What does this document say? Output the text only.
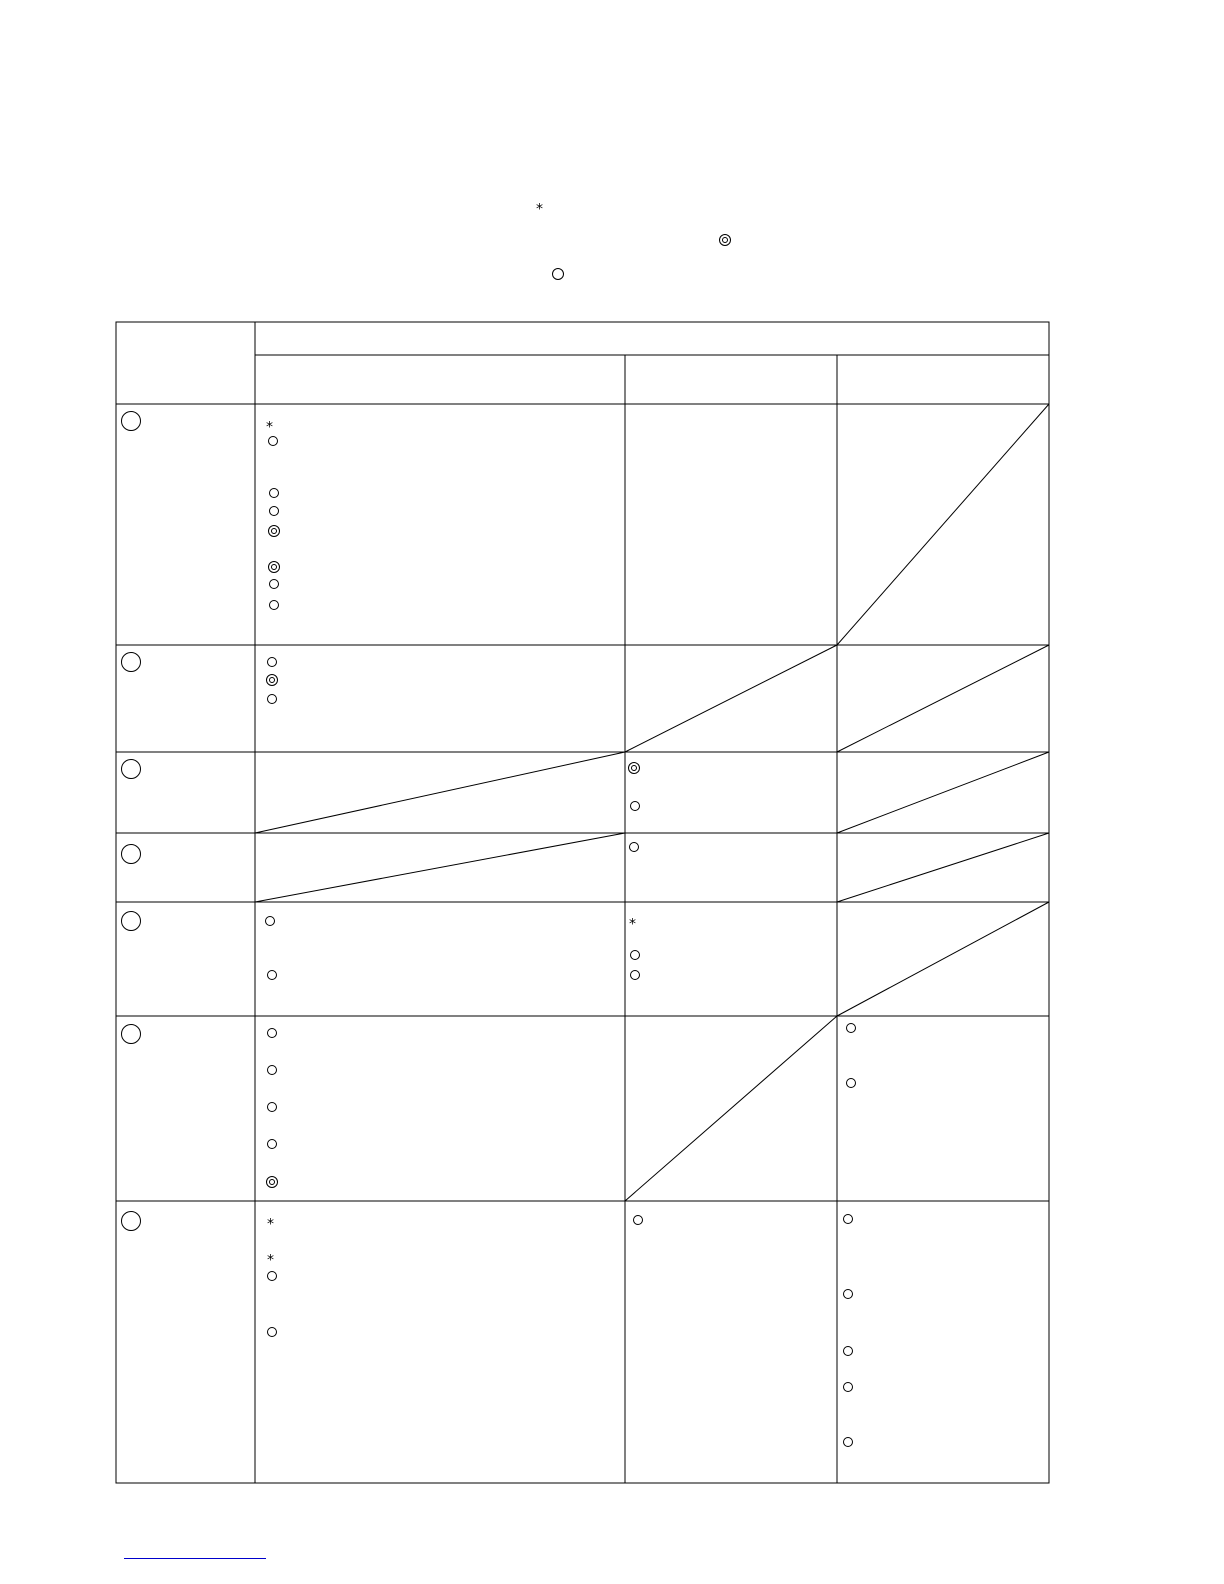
⁎
⁎
⁎
⁎
⁎
